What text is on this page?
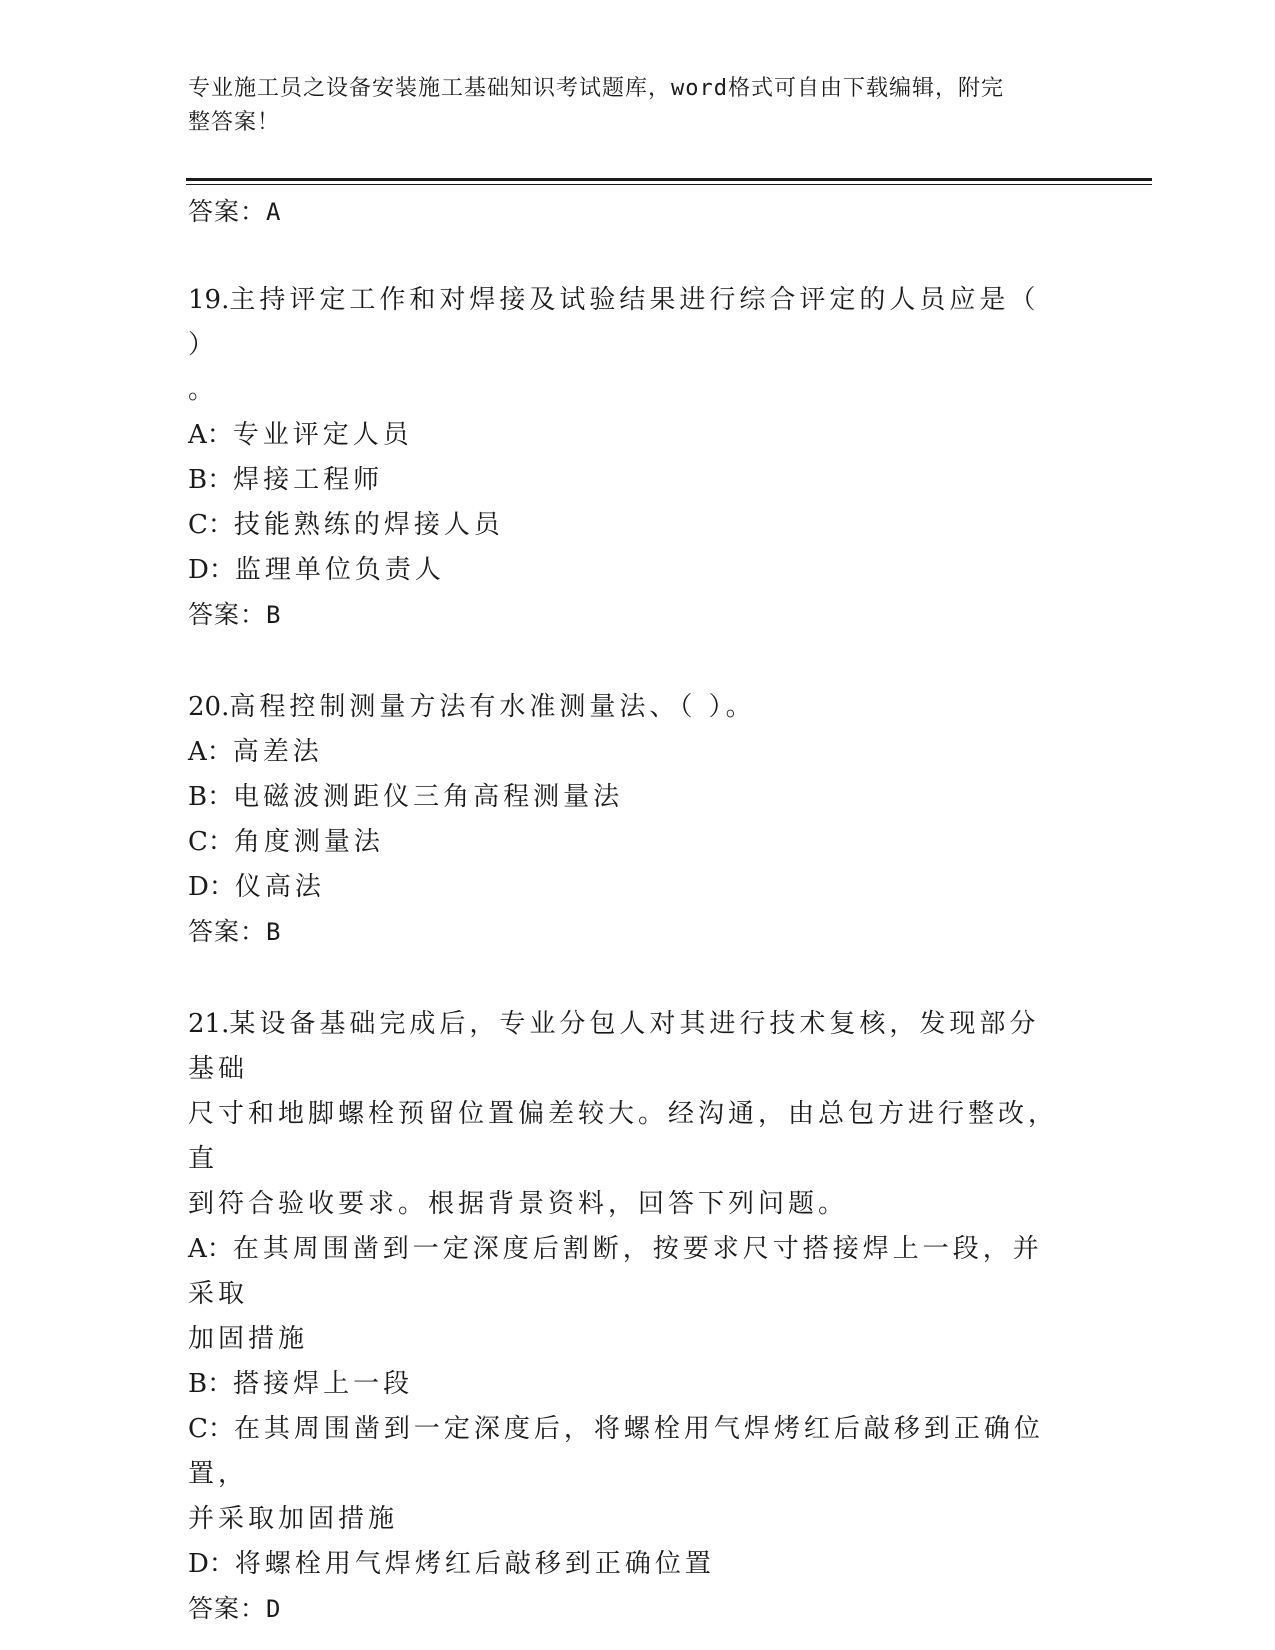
专业施工员之设备安装施工基础知识考试题库，word格式可自由下载编辑，附完
整答案！
答案：A
19.主持评定工作和对焊接及试验结果进行综合评定的人员应是（ ）
。
A：专业评定人员
B：焊接工程师
C：技能熟练的焊接人员
D：监理单位负责人
答案：B
20.高程控制测量方法有水准测量法、（ ）。
A：高差法
B：电磁波测距仪三角高程测量法
C：角度测量法
D：仪高法
答案：B
21.某设备基础完成后，专业分包人对其进行技术复核，发现部分基础
尺寸和地脚螺栓预留位置偏差较大。经沟通，由总包方进行整改，直
到符合验收要求。根据背景资料，回答下列问题。
A：在其周围凿到一定深度后割断，按要求尺寸搭接焊上一段，并采取
加固措施
B：搭接焊上一段
C：在其周围凿到一定深度后，将螺栓用气焊烤红后敲移到正确位置，
并采取加固措施
D：将螺栓用气焊烤红后敲移到正确位置
答案：D
